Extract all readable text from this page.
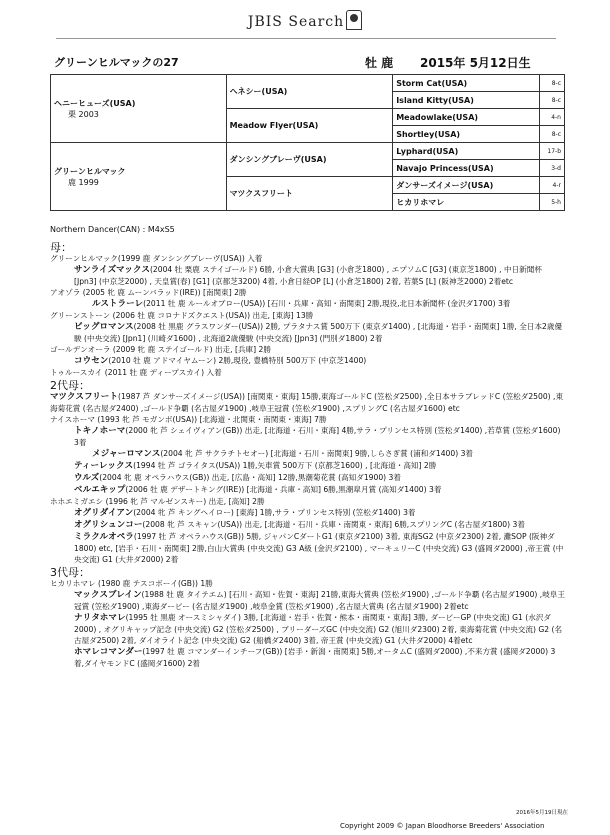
JBIS Search
グリーンヒルマックの27	牡 鹿 2015年 5月12日生
ヘニーヒューズ(USA)
栗 2003	ヘネシー(USA)	Storm Cat(USA)	8-c
		Island Kitty(USA)	8-c
	Meadow Flyer(USA)	Meadowlake(USA)	4-n
		Shortley(USA)	8-c

グリーンヒルマック
鹿 1999	ダンシングブレーヴ(USA)	Lyphard(USA)	17-b
		Navajo Princess(USA)	3-d
	マツクスフリート	ダンサーズイメージ(USA)	4-r
		ヒカリホマレ	5-h
Northern Dancer(CAN) : M4xS5
母：
グリーンヒルマック(1999 鹿 ダンシングブレーヴ(USA)) 入着
サンライズマックス(2004 牡 栗鹿 ステイゴールド) 6勝, 小倉大賞典 [G3] (小倉芝1800) , エプソムC [G3] (東京芝1800) , 中日新聞杯 [Jpn3] (中京芝2000) , 天皇賞(春) [G1] (京都芝3200) 4着, 小倉日経OP [L] (小倉芝1800) 2着, 若葉S [L] (阪神芝2000) 2着etc
アオゾラ (2005 牝 鹿 ムーンバラッド(IRE)) [南関東] 2勝
ルストラーレ(2011 牡 鹿 ルールオブロー(USA)) [石川・兵庫・高知・南関東] 2勝,現役,北日本新聞杯 (金沢ダ1700) 3着
グリーンストーン (2006 牡 鹿 コロナドズクエスト(USA)) 出走, [東海] 13勝
ビッグロマンス(2008 牡 黒鹿 グラスワンダー(USA)) 2勝, プラタナス賞 500万下 (東京ダ1400) , [北海道・岩手・南関東] 1勝, 全日本2歳優駿 (中央交流) [Jpn1] (川崎ダ1600) , 北海道2歳優駿 (中央交流) [Jpn3] (門別ダ1800) 2着
ゴールデンオーラ (2009 牝 鹿 ステイゴールド) 出走, [兵庫] 2勝
コウセン(2010 牡 鹿 アドマイヤムーン) 2勝,現役, 豊橋特別 500万下 (中京芝1400)
トゥルースカイ (2011 牡 鹿 ディープスカイ) 入着
2代母：
マツクスフリート(1987 芦 ダンサーズイメージ(USA)) [南関東・東海] 15勝,東海ゴールドC (笠松ダ2500) ,全日本サラブレッドC (笠松ダ2500) ,東海菊花賞 (名古屋ダ2400) ,ゴールド争覇 (名古屋ダ1900) ,岐阜王冠賞 (笠松ダ1900) ,スプリングC (名古屋ダ1600) etc
ナイスホーマ (1993 牝 芦 モガンボ(USA)) [北海道・北関東・南関東・東海] 7勝
トキノホーマ(2000 牝 芦 シェイヴィアン(GB)) 出走, [北海道・石川・東海] 4勝,サラ・プリンセス特別 (笠松ダ1400) ,若草賞 (笠松ダ1600) 3着
メジャーロマンス(2004 牝 芦 サクラチトセオー) [北海道・石川・南関東] 9勝,しらさぎ賞 (浦和ダ1400) 3着
ティーレックス(1994 牡 芦 ゴライタス(USA)) 1勝,矢車賞 500万下 (京都芝1600) , [北海道・高知] 2勝
ウルズ(2004 牝 鹿 オペラハウス(GB)) 出走, [広島・高知] 12勝,黒潮菊花賞 (高知ダ1900) 3着
ベルエキップ(2006 牡 鹿 デザートキング(IRE)) [北海道・兵庫・高知] 6勝,黒潮皐月賞 (高知ダ1400) 3着
ホホエミガエシ (1996 牝 芦 マルゼンスキー) 出走, [高知] 2勝
オグリダイアン(2004 牝 芦 キングヘイロー) [東海] 1勝,サラ・プリンセス特別 (笠松ダ1400) 3着
オグリシュンコー(2008 牝 芦 スキャン(USA)) 出走, [北海道・石川・兵庫・南関東・東海] 6勝,スプリングC (名古屋ダ1800) 3着
ミラクルオペラ(1997 牡 芦 オペラハウス(GB)) 5勝, ジャパンCダートG1 (東京ダ2100) 3着, 東海SG2 (中京ダ2300) 2着, 灘SOP (阪神ダ1800) etc, [岩手・石川・南関東] 2勝,白山大賞典 (中央交流) G3 A級 (金沢ダ2100) , マーキュリーC (中央交流) G3 (盛岡ダ2000) ,帝王賞 (中央交流) G1 (大井ダ2000) 2着
3代母：
ヒカリホマレ (1980 鹿 テスコボーイ(GB)) 1勝
マックスブレイン(1988 牡 鹿 タイテエム) [石川・高知・佐賀・東海] 21勝,東海大賞典 (笠松ダ1900) ,ゴールド争覇 (名古屋ダ1900) ,岐阜王冠賞 (笠松ダ1900) ,東海ダービー (名古屋ダ1900) ,岐阜金賞 (笠松ダ1900) ,名古屋大賞典 (名古屋ダ1900) 2着etc
ナリタホマレ(1995 牡 黒鹿 オースミシャダイ) 3勝, [北海道・岩手・佐賀・熊本・南関東・東海] 3勝, ダービーGP (中央交流) G1 (水沢ダ2000) , オグリキャップ記念 (中央交流) G2 (笠松ダ2500) , ブリーダーズGC (中央交流) G2 (旭川ダ2300) 2着, 東海菊花賞 (中央交流) G2 (名古屋ダ2500) 2着, ダイオライト記念 (中央交流) G2 (船橋ダ2400) 3着, 帝王賞 (中央交流) G1 (大井ダ2000) 4着etc
ホマレコマンダー(1997 牡 鹿 コマンダーインチーフ(GB)) [岩手・新潟・南関東] 5勝,オータムC (盛岡ダ2000) ,不来方賞 (盛岡ダ2000) 3着,ダイヤモンドC (盛岡ダ1600) 2着
2016年5月19日現在
Copyright 2009 © Japan Bloodhorse Breeders' Association
